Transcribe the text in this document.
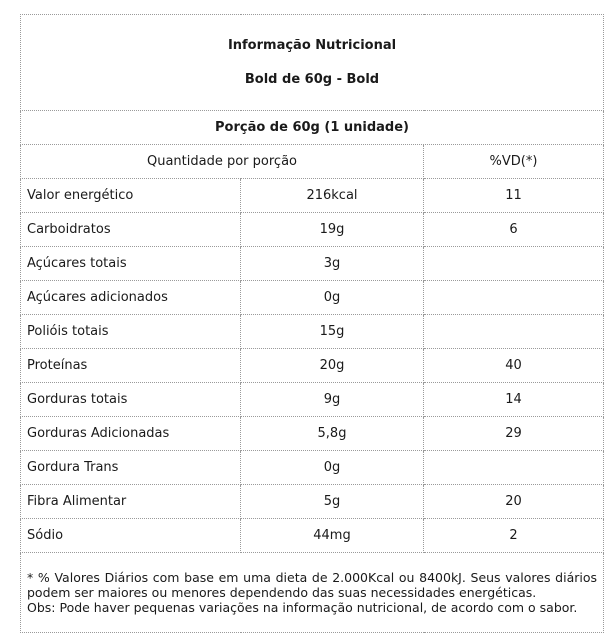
Informação Nutricional
Bold de 60g - Bold		

Porção de 60g (1 unidade)		
Quantidade por porção		%VD(*)
Valor energético	216kcal	11
Carboidratos	19g	6
Açúcares totais	3g	
Açúcares adicionados	0g	
Polióis totais	15g	
Proteínas	20g	40
Gorduras totais	9g	14
Gorduras Adicionadas	5,8g	29
Gordura Trans	0g	
Fibra Alimentar	5g	20
Sódio	44mg	2

* % Valores Diários com base em uma dieta de 2.000Kcal ou 8400kJ. Seus valores diários podem ser maiores ou menores dependendo das suas necessidades energéticas.
Obs: Pode haver pequenas variações na informação nutricional, de acordo com o sabor.		
